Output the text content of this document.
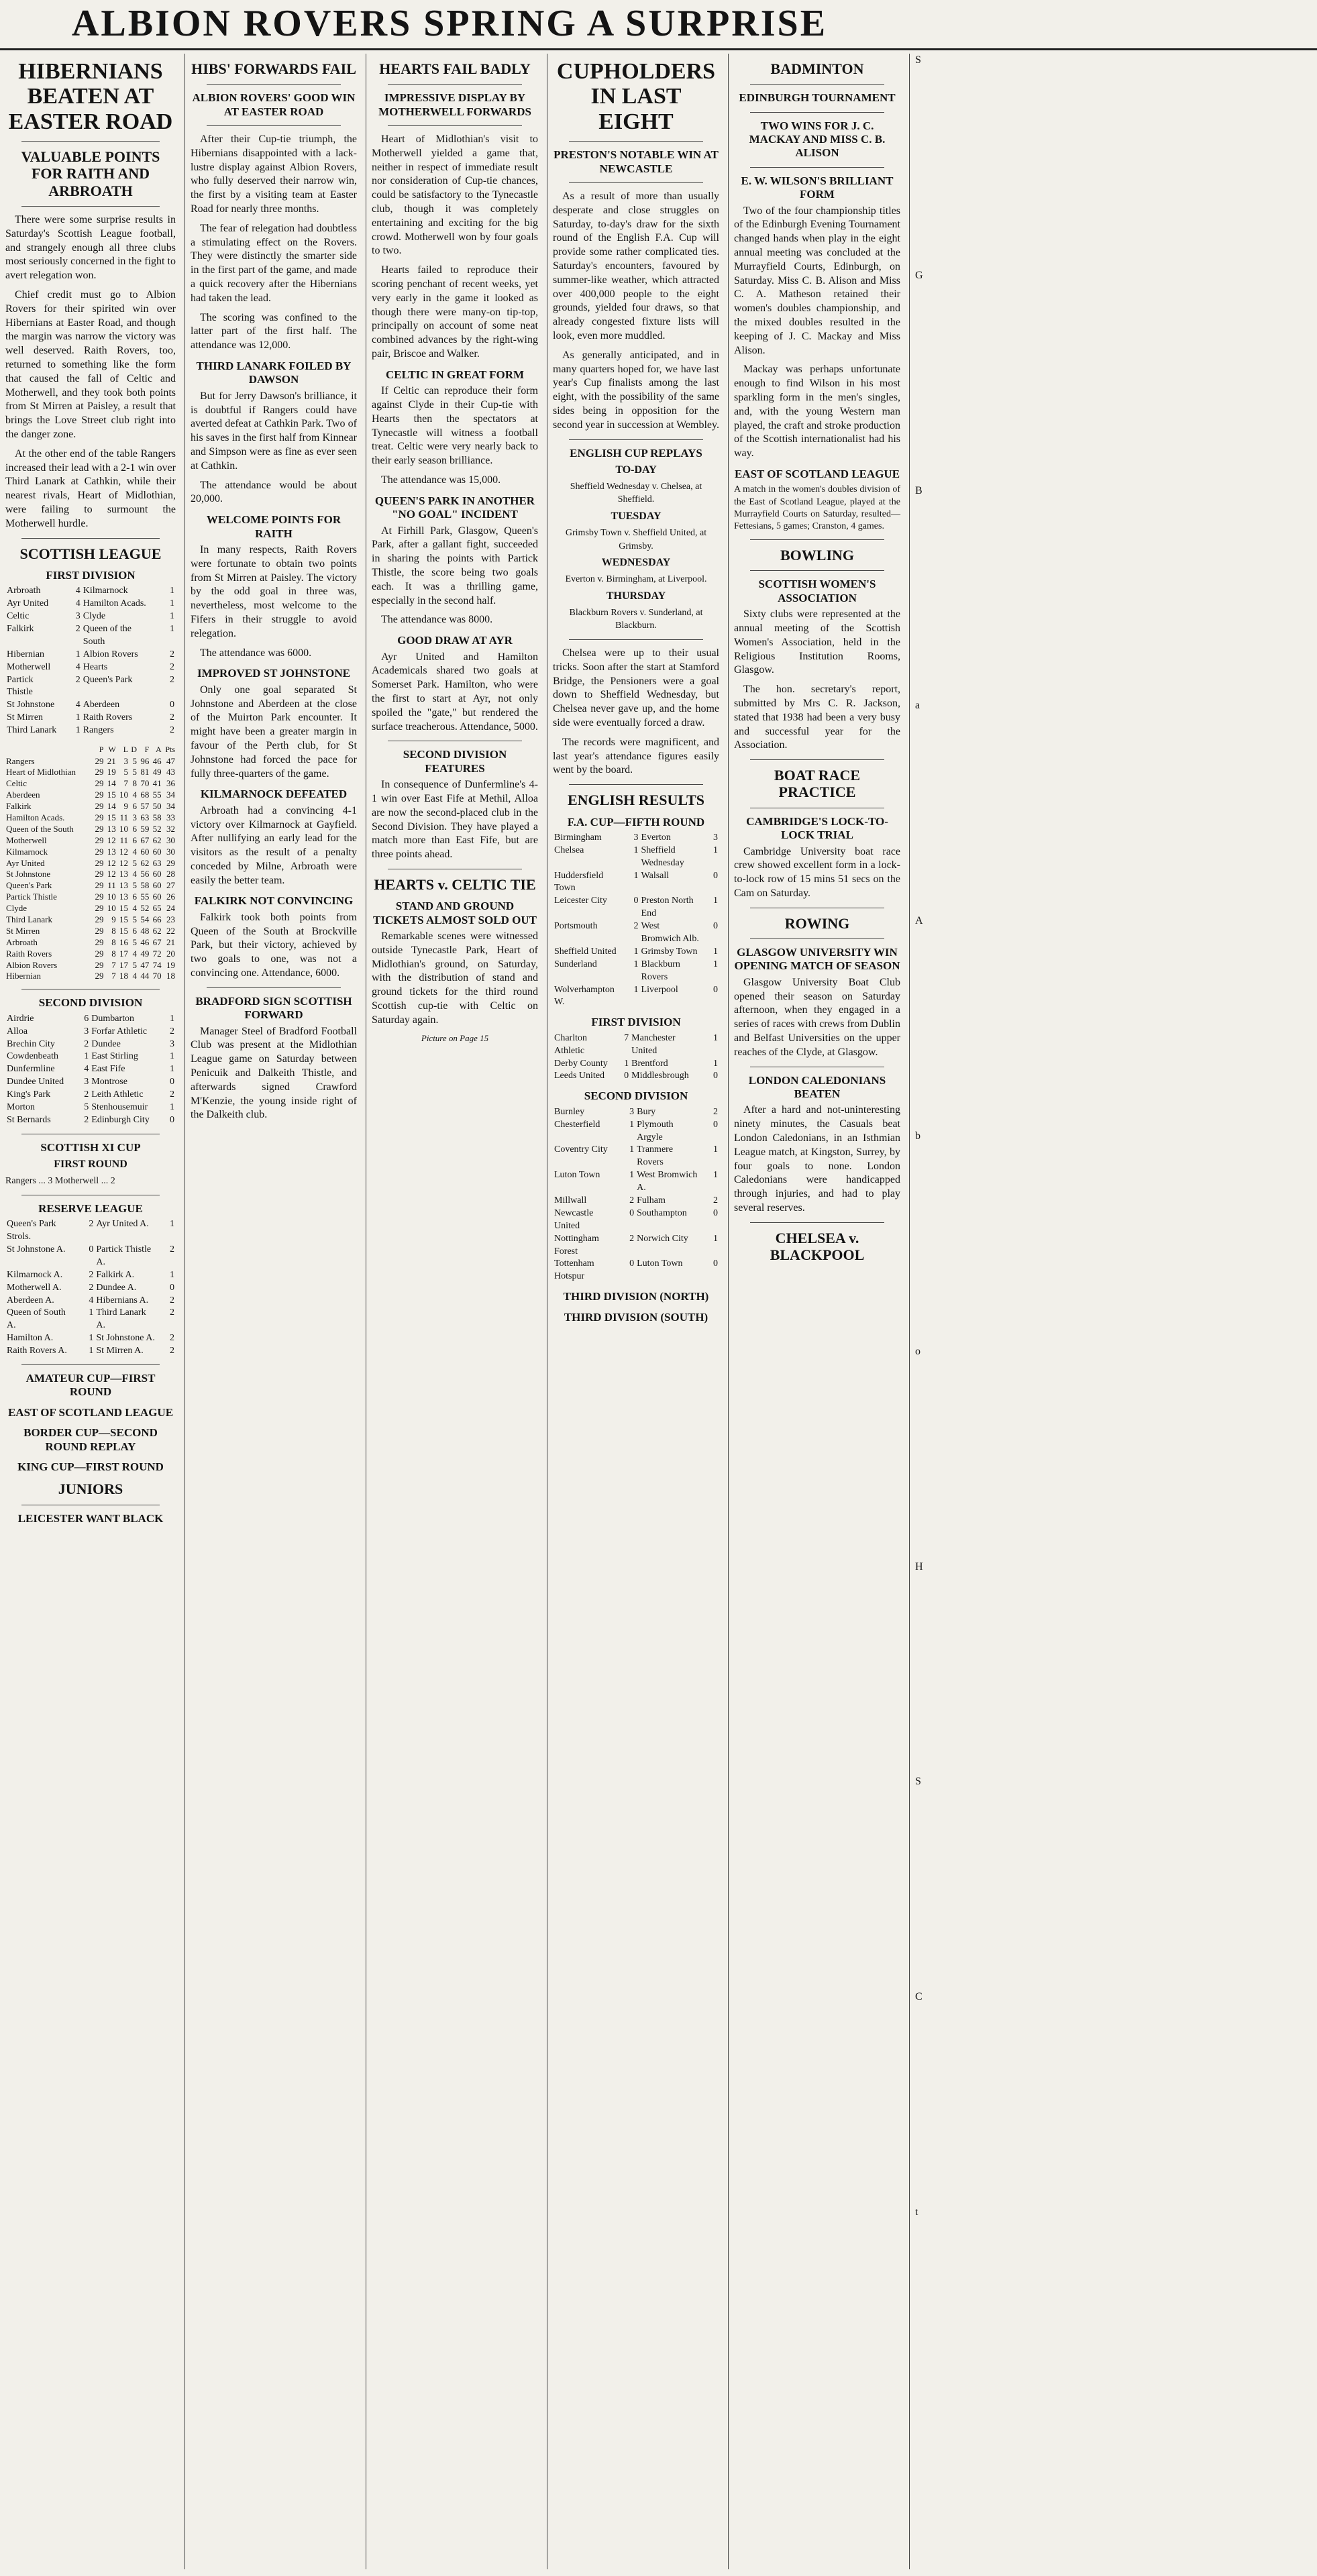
ALBION ROVERS SPRING A SURPRISE
HIBERNIANS BEATEN AT EASTER ROAD
VALUABLE POINTS FOR RAITH AND ARBROATH

There were some surprise results in Saturday's Scottish League football, and strangely enough all three clubs most seriously concerned in the fight to avert relegation won.

Chief credit must go to Albion Rovers for their spirited win over Hibernians at Easter Road, and though the margin was narrow the victory was well deserved. Raith Rovers, too, returned to something like the form that caused the fall of Celtic and Motherwell, and they took both points from St Mirren at Paisley, a result that brings the Love Street club right into the danger zone.

At the other end of the table Rangers increased their lead with a 2-1 win over Third Lanark at Cathkin, while their nearest rivals, Heart of Midlothian, were failing to surmount the Motherwell hurdle.

SCOTTISH LEAGUE
FIRST DIVISION
Arbroath	4	Kilmarnock	1
Ayr United	4	Hamilton Acads.	1
Celtic	3	Clyde	1
Falkirk	2	Queen of the South	1
Hibernian	1	Albion Rovers	2
Motherwell	4	Hearts	2
Partick Thistle	2	Queen's Park	2
St Johnstone	4	Aberdeen	0
St Mirren	1	Raith Rovers	2
Third Lanark	1	Rangers	2
	P	W	L	D	F	A	Pts
Rangers	29	21	3	5	96	46	47
Heart of Midlothian	29	19	5	5	81	49	43
Celtic	29	14	7	8	70	41	36
Aberdeen	29	15	10	4	68	55	34
Falkirk	29	14	9	6	57	50	34
Hamilton Acads.	29	15	11	3	63	58	33
Queen of the South	29	13	10	6	59	52	32
Motherwell	29	12	11	6	67	62	30
Kilmarnock	29	13	12	4	60	60	30
Ayr United	29	12	12	5	62	63	29
St Johnstone	29	12	13	4	56	60	28
Queen's Park	29	11	13	5	58	60	27
Partick Thistle	29	10	13	6	55	60	26
Clyde	29	10	15	4	52	65	24
Third Lanark	29	9	15	5	54	66	23
St Mirren	29	8	15	6	48	62	22
Arbroath	29	8	16	5	46	67	21
Raith Rovers	29	8	17	4	49	72	20
Albion Rovers	29	7	17	5	47	74	19
Hibernian	29	7	18	4	44	70	18
SECOND DIVISION
Airdrie	6	Dumbarton	1
Alloa	3	Forfar Athletic	2
Brechin City	2	Dundee	3
Cowdenbeath	1	East Stirling	1
Dunfermline	4	East Fife	1
Dundee United	3	Montrose	0
King's Park	2	Leith Athletic	2
Morton	5	Stenhousemuir	1
St Bernards	2	Edinburgh City	0
SCOTTISH XI CUP
FIRST ROUND
Rangers ... 3 Motherwell ... 2
RESERVE LEAGUE
Queen's Park Strols.	2	Ayr United A.	1
St Johnstone A.	0	Partick Thistle A.	2
Kilmarnock A.	2	Falkirk A.	1
Motherwell A.	2	Dundee A.	0
Aberdeen A.	4	Hibernians A.	2
Queen of South A.	1	Third Lanark A.	2
Hamilton A.	1	St Johnstone A.	2
Raith Rovers A.	1	St Mirren A.	2
AMATEUR CUP—FIRST ROUND
EAST OF SCOTLAND LEAGUE
BORDER CUP—SECOND ROUND REPLAY
KING CUP—FIRST ROUND
JUNIORS
LEICESTER WANT BLACK
HIBS' FORWARDS FAIL
ALBION ROVERS' GOOD WIN AT EASTER ROAD

After their Cup-tie triumph, the Hibernians disappointed with a lack-lustre display against Albion Rovers, who fully deserved their narrow win, the first by a visiting team at Easter Road for nearly three months.

The fear of relegation had doubtless a stimulating effect on the Rovers. They were distinctly the smarter side in the first part of the game, and made a quick recovery after the Hibernians had taken the lead.

The scoring was confined to the latter part of the first half. The attendance was 12,000.

THIRD LANARK FOILED BY DAWSON

But for Jerry Dawson's brilliance, it is doubtful if Rangers could have averted defeat at Cathkin Park. Two of his saves in the first half from Kinnear and Simpson were as fine as ever seen at Cathkin.

The attendance would be about 20,000.

WELCOME POINTS FOR RAITH

In many respects, Raith Rovers were fortunate to obtain two points from St Mirren at Paisley. The victory by the odd goal in three was, nevertheless, most welcome to the Fifers in their struggle to avoid relegation.

The attendance was 6000.

IMPROVED ST JOHNSTONE

Only one goal separated St Johnstone and Aberdeen at the close of the Muirton Park encounter. It might have been a greater margin in favour of the Perth club, for St Johnstone had forced the pace for fully three-quarters of the game.

KILMARNOCK DEFEATED

Arbroath had a convincing 4-1 victory over Kilmarnock at Gayfield. After nullifying an early lead for the visitors as the result of a penalty conceded by Milne, Arbroath were easily the better team.

FALKIRK NOT CONVINCING

Falkirk took both points from Queen of the South at Brockville Park, but their victory, achieved by two goals to one, was not a convincing one. Attendance, 6000.

BRADFORD SIGN SCOTTISH FORWARD

Manager Steel of Bradford Football Club was present at the Midlothian League game on Saturday between Penicuik and Dalkeith Thistle, and afterwards signed Crawford M'Kenzie, the young inside right of the Dalkeith club.

HEARTS FAIL BADLY
IMPRESSIVE DISPLAY BY MOTHERWELL FORWARDS

Heart of Midlothian's visit to Motherwell yielded a game that, neither in respect of immediate result nor consideration of Cup-tie chances, could be satisfactory to the Tynecastle club, though it was completely entertaining and exciting for the big crowd. Motherwell won by four goals to two.

Hearts failed to reproduce their scoring penchant of recent weeks, yet very early in the game it looked as though there were many-on tip-top, principally on account of some neat combined advances by the right-wing pair, Briscoe and Walker.

CELTIC IN GREAT FORM

If Celtic can reproduce their form against Clyde in their Cup-tie with Hearts then the spectators at Tynecastle will witness a football treat. Celtic were very nearly back to their early season brilliance.

The attendance was 15,000.

QUEEN'S PARK IN ANOTHER "NO GOAL" INCIDENT

At Firhill Park, Glasgow, Queen's Park, after a gallant fight, succeeded in sharing the points with Partick Thistle, the score being two goals each. It was a thrilling game, especially in the second half.

The attendance was 8000.

GOOD DRAW AT AYR

Ayr United and Hamilton Academicals shared two goals at Somerset Park. Hamilton, who were the first to start at Ayr, not only spoiled the "gate," but rendered the surface treacherous. Attendance, 5000.

SECOND DIVISION FEATURES

In consequence of Dunfermline's 4-1 win over East Fife at Methil, Alloa are now the second-placed club in the Second Division. They have played a match more than East Fife, but are three points ahead.

HEARTS v. CELTIC TIE
STAND AND GROUND TICKETS ALMOST SOLD OUT

Remarkable scenes were witnessed outside Tynecastle Park, Heart of Midlothian's ground, on Saturday, with the distribution of stand and ground tickets for the third round Scottish cup-tie with Celtic on Saturday again.

Picture on Page 15
CUPHOLDERS IN LAST EIGHT
PRESTON'S NOTABLE WIN AT NEWCASTLE

As a result of more than usually desperate and close struggles on Saturday, to-day's draw for the sixth round of the English F.A. Cup will provide some rather complicated ties. Saturday's encounters, favoured by summer-like weather, which attracted over 400,000 people to the eight grounds, yielded four draws, so that already congested fixture lists will look, even more muddled.

As generally anticipated, and in many quarters hoped for, we have last year's Cup finalists among the last eight, with the possibility of the same sides being in opposition for the second year in succession at Wembley.

ENGLISH CUP REPLAYS
TO-DAY
Sheffield Wednesday v. Chelsea, at Sheffield.
TUESDAY
Grimsby Town v. Sheffield United, at Grimsby.
WEDNESDAY
Everton v. Birmingham, at Liverpool.
THURSDAY
Blackburn Rovers v. Sunderland, at Blackburn.

Chelsea were up to their usual tricks. Soon after the start at Stamford Bridge, the Pensioners were a goal down to Sheffield Wednesday, but Chelsea never gave up, and the home side were eventually forced a draw.

The records were magnificent, and last year's attendance figures easily went by the board.

ENGLISH RESULTS
F.A. CUP—FIFTH ROUND
Birmingham	3	Everton	3
Chelsea	1	Sheffield Wednesday	1
Huddersfield Town	1	Walsall	0
Leicester City	0	Preston North End	1
Portsmouth	2	West Bromwich Alb.	0
Sheffield United	1	Grimsby Town	1
Sunderland	1	Blackburn Rovers	1
Wolverhampton W.	1	Liverpool	0
FIRST DIVISION
Charlton Athletic	7	Manchester United	1
Derby County	1	Brentford	1
Leeds United	0	Middlesbrough	0
SECOND DIVISION
Burnley	3	Bury	2
Chesterfield	1	Plymouth Argyle	0
Coventry City	1	Tranmere Rovers	1
Luton Town	1	West Bromwich A.	1
Millwall	2	Fulham	2
Newcastle United	0	Southampton	0
Nottingham Forest	2	Norwich City	1
Tottenham Hotspur	0	Luton Town	0
THIRD DIVISION (NORTH)
THIRD DIVISION (SOUTH)
BADMINTON
EDINBURGH TOURNAMENT
TWO WINS FOR J. C. MACKAY AND MISS C. B. ALISON
E. W. WILSON'S BRILLIANT FORM

Two of the four championship titles of the Edinburgh Evening Tournament changed hands when play in the eight annual meeting was concluded at the Murrayfield Courts, Edinburgh, on Saturday. Miss C. B. Alison and Miss C. A. Matheson retained their women's doubles championship, and the mixed doubles resulted in the keeping of J. C. Mackay and Miss Alison.

Mackay was perhaps unfortunate enough to find Wilson in his most sparkling form in the men's singles, and, with the young Western man played, the craft and stroke production of the Scottish internationalist had his way.

EAST OF SCOTLAND LEAGUE

A match in the women's doubles division of the East of Scotland League, played at the Murrayfield Courts on Saturday, resulted—Fettesians, 5 games; Cranston, 4 games.

BOWLING
SCOTTISH WOMEN'S ASSOCIATION

Sixty clubs were represented at the annual meeting of the Scottish Women's Association, held in the Religious Institution Rooms, Glasgow.

The hon. secretary's report, submitted by Mrs C. R. Jackson, stated that 1938 had been a very busy and successful year for the Association.

BOAT RACE PRACTICE
CAMBRIDGE'S LOCK-TO-LOCK TRIAL

Cambridge University boat race crew showed excellent form in a lock-to-lock row of 15 mins 51 secs on the Cam on Saturday.

ROWING
GLASGOW UNIVERSITY WIN OPENING MATCH OF SEASON

Glasgow University Boat Club opened their season on Saturday afternoon, when they engaged in a series of races with crews from Dublin and Belfast Universities on the upper reaches of the Clyde, at Glasgow.

LONDON CALEDONIANS BEATEN

After a hard and not-uninteresting ninety minutes, the Casuals beat London Caledonians, in an Isthmian League match, at Kingston, Surrey, by four goals to none. London Caledonians were handicapped through injuries, and had to play several reserves.

CHELSEA v. BLACKPOOL
S
G
B
a
A
b
o
H
S
C
t
